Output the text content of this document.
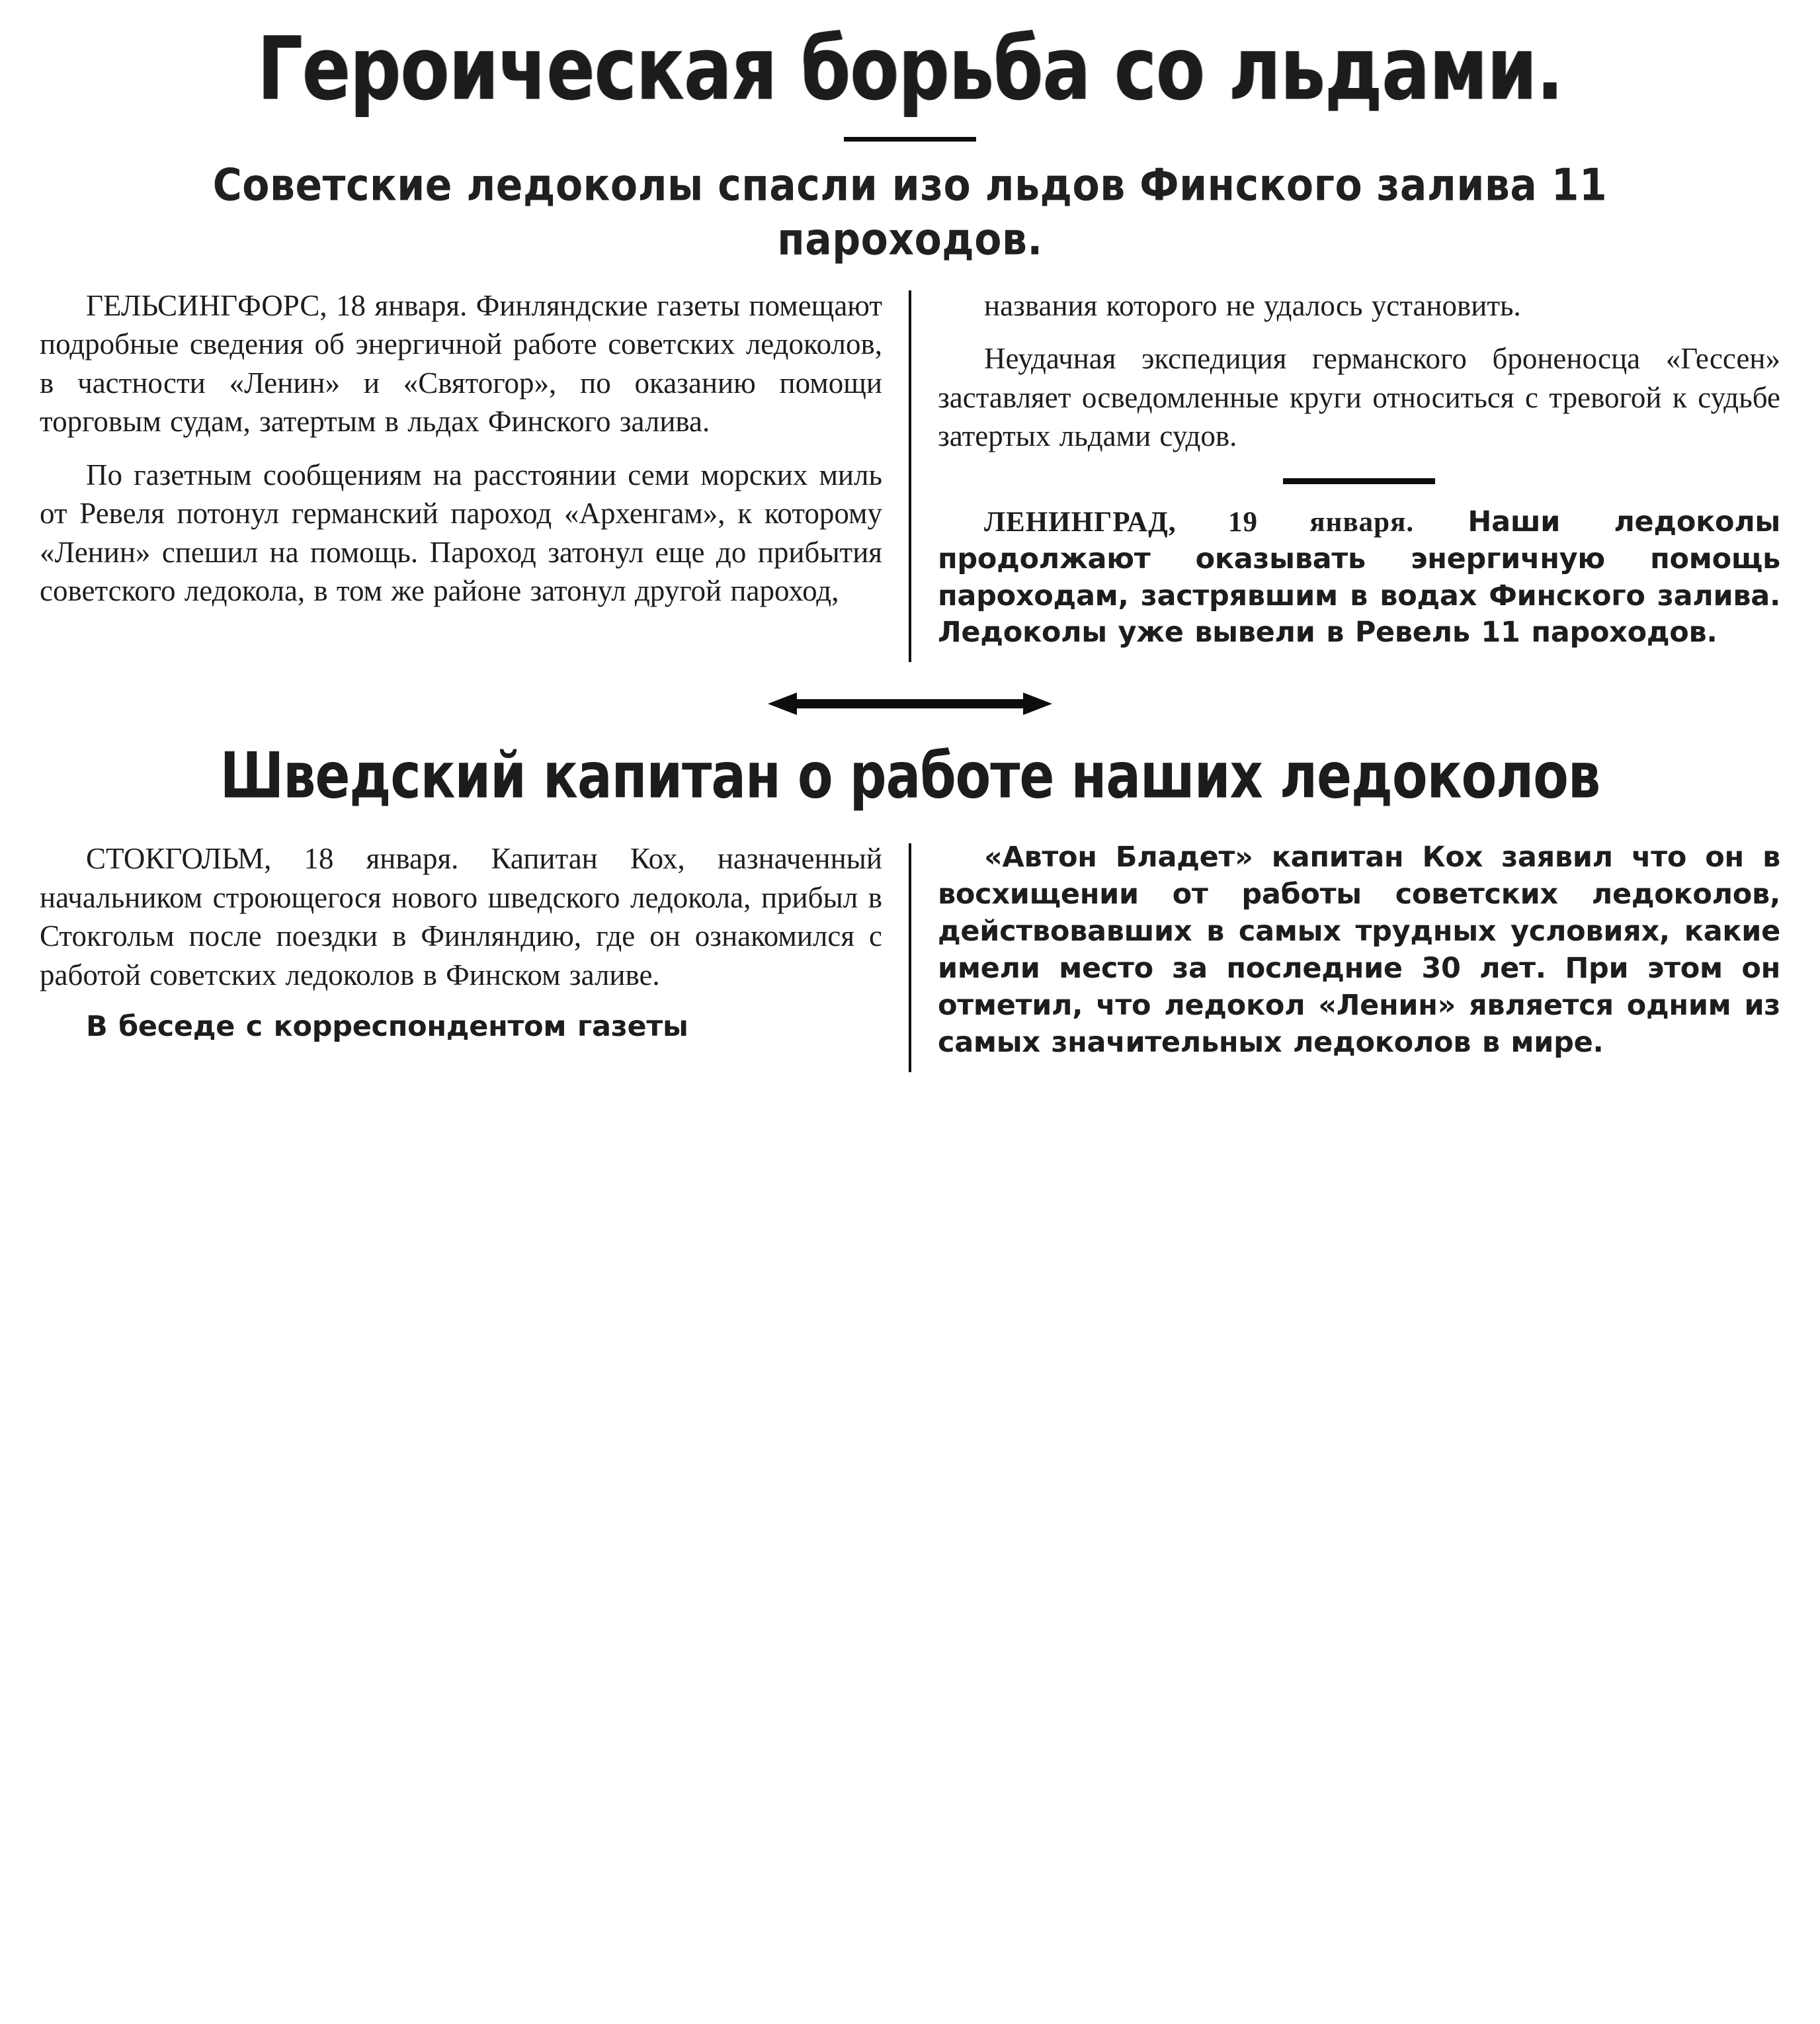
Героическая борьба со льдами.
Советские ледоколы спасли изо льдов Финского залива 11 пароходов.

ГЕЛЬСИНГФОРС, 18 января. Финляндские газеты помещают подробные сведения об энергичной работе советских ледоколов, в частности «Ленин» и «Святогор», по оказанию помощи торговым судам, затертым в льдах Финского залива.

По газетным сообщениям на расстоянии семи морских миль от Ревеля потонул германский пароход «Архенгам», к которому «Ленин» спешил на помощь. Пароход затонул еще до прибытия советского ледокола, в том же районе затонул другой пароход,

названия которого не удалось установить.

Неудачная экспедиция германского броненосца «Гессен» заставляет осведомленные круги относиться с тревогой к судьбе затертых льдами судов.

ЛЕНИНГРАД, 19 января. Наши ледоколы продолжают оказывать энергичную помощь пароходам, застрявшим в водах Финского залива. Ледоколы уже вывели в Ревель 11 пароходов.

Шведский капитан о работе наших ледоколов

СТОКГОЛЬМ, 18 января. Капитан Кох, назначенный начальником строющегося нового шведского ледокола, прибыл в Стокгольм после поездки в Финляндию, где он ознакомился с работой советских ледоколов в Финском заливе.

В беседе с корреспондентом газеты

«Автон Бладет» капитан Кох заявил что он в восхищении от работы советских ледоколов, действовавших в самых трудных условиях, какие имели место за последние 30 лет. При этом он отметил, что ледокол «Ленин» является одним из самых значительных ледоколов в мире.
